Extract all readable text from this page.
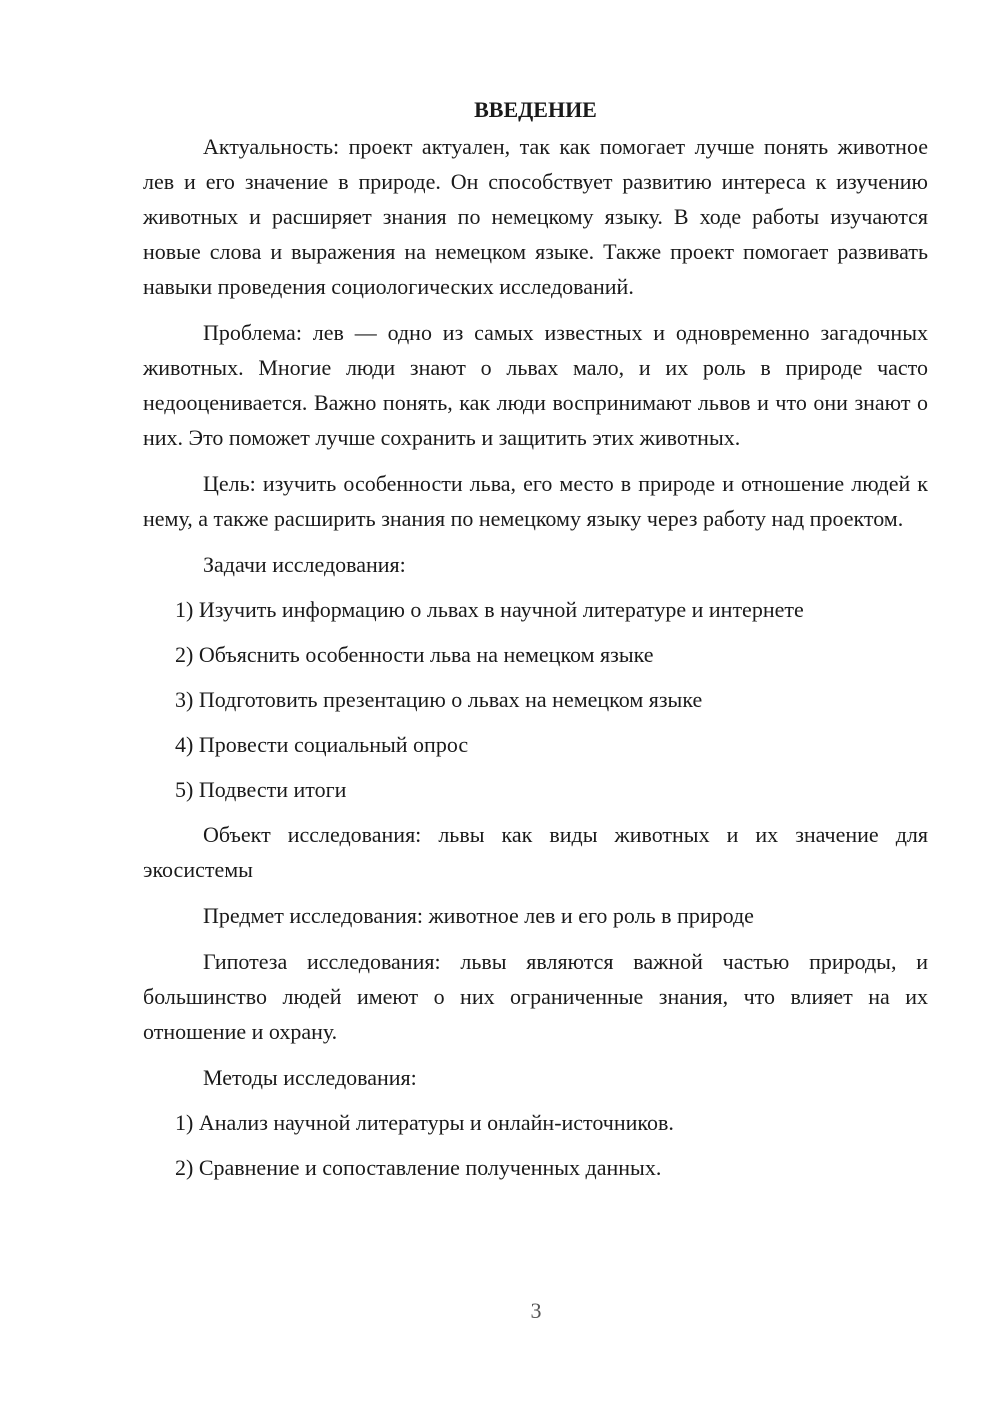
ВВЕДЕНИЕ
Актуальность: проект актуален, так как помогает лучше понять животное лев и его значение в природе. Он способствует развитию интереса к изучению животных и расширяет знания по немецкому языку. В ходе работы изучаются новые слова и выражения на немецком языке. Также проект помогает развивать навыки проведения социологических исследований.
Проблема: лев — одно из самых известных и одновременно загадочных животных. Многие люди знают о львах мало, и их роль в природе часто недооценивается. Важно понять, как люди воспринимают львов и что они знают о них. Это поможет лучше сохранить и защитить этих животных.
Цель: изучить особенности льва, его место в природе и отношение людей к нему, а также расширить знания по немецкому языку через работу над проектом.
Задачи исследования:
1) Изучить информацию о львах в научной литературе и интернете
2) Объяснить особенности льва на немецком языке
3) Подготовить презентацию о львах на немецком языке
4) Провести социальный опрос
5) Подвести итоги
Объект исследования: львы как виды животных и их значение для экосистемы
Предмет исследования: животное лев и его роль в природе
Гипотеза исследования: львы являются важной частью природы, и большинство людей имеют о них ограниченные знания, что влияет на их отношение и охрану.
Методы исследования:
1) Анализ научной литературы и онлайн-источников.
2) Сравнение и сопоставление полученных данных.
3
